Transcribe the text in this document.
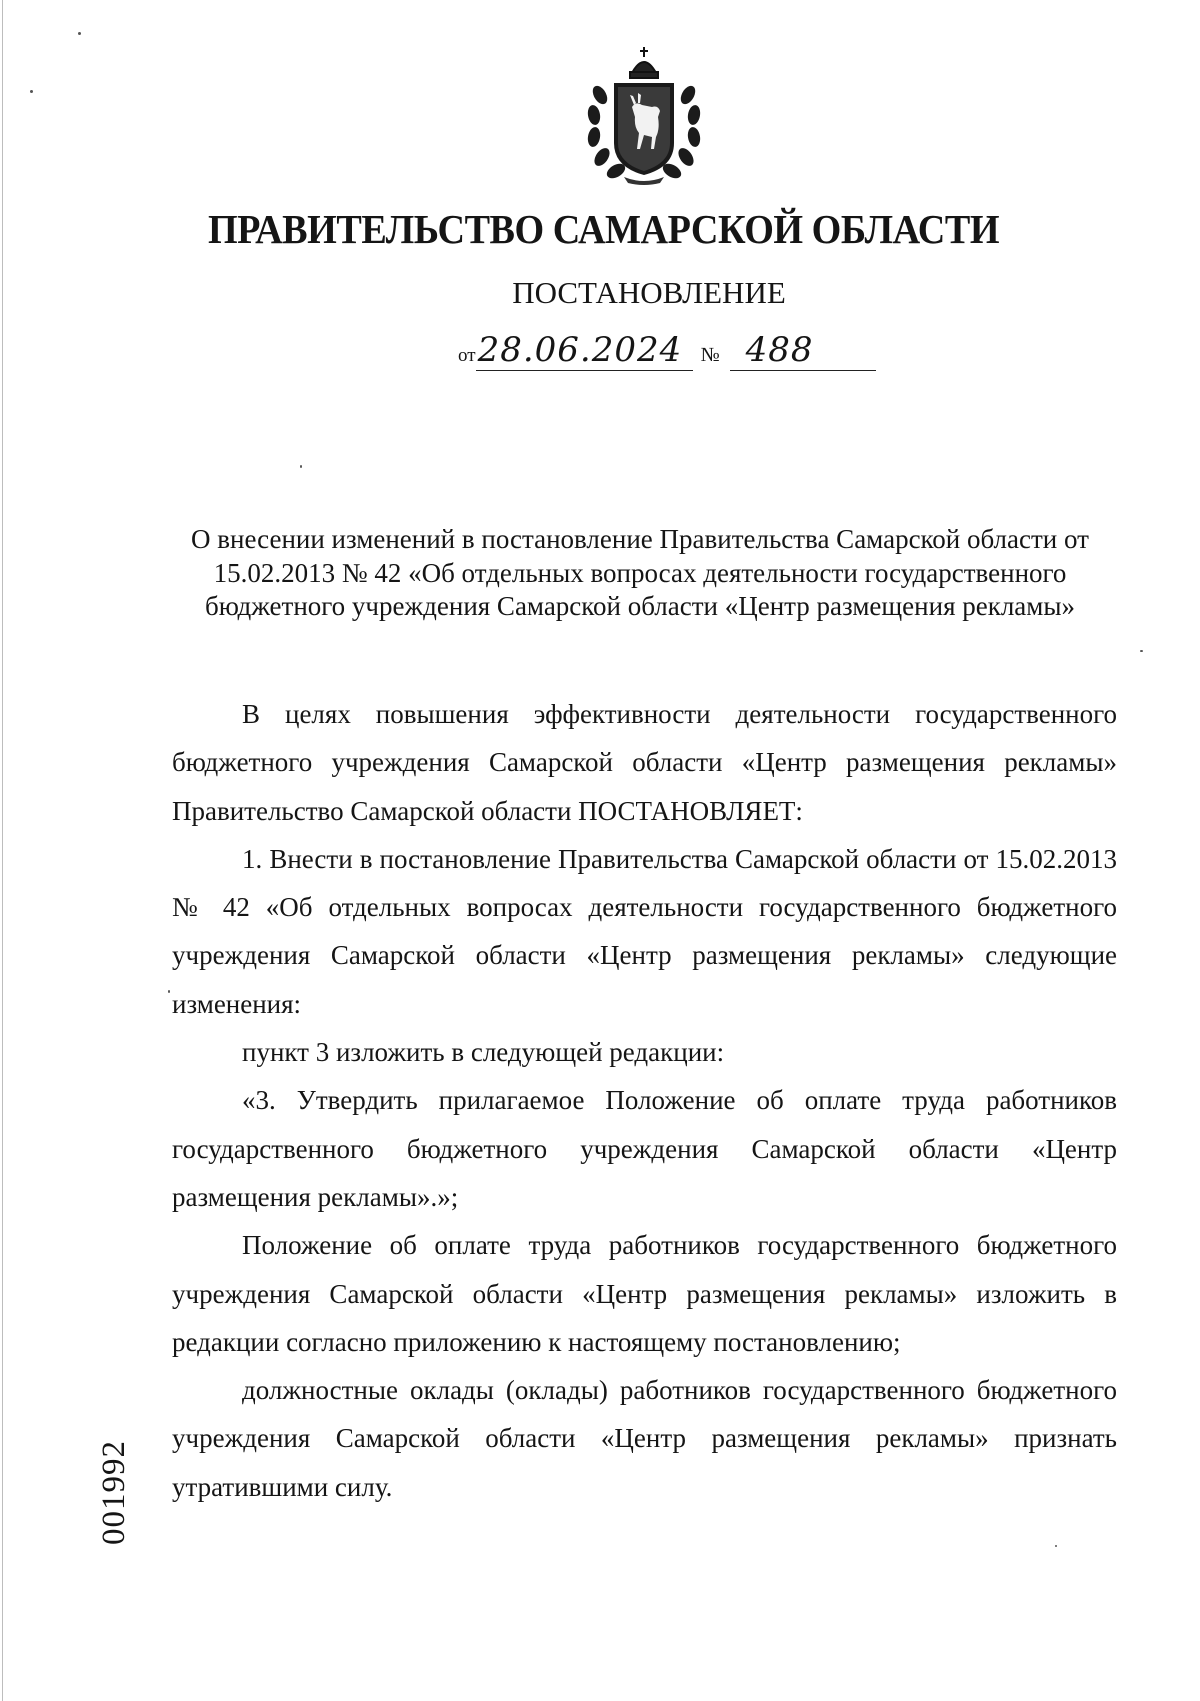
ПРАВИТЕЛЬСТВО САМАРСКОЙ ОБЛАСТИ
ПОСТАНОВЛЕНИЕ
от28.06.2024 № 488
О внесении изменений в постановление Правительства Самарской области от 15.02.2013 № 42 «Об отдельных вопросах деятельности государственного бюджетного учреждения Самарской области «Центр размещения рекламы»

В целях повышения эффективности деятельности государственного бюджетного учреждения Самарской области «Центр размещения рекламы» Правительство Самарской области ПОСТАНОВЛЯЕТ:

1. Внести в постановление Правительства Самарской области от 15.02.2013 № 42 «Об отдельных вопросах деятельности государственного бюджетного учреждения Самарской области «Центр размещения рекламы» следующие изменения:

пункт 3 изложить в следующей редакции:

«3. Утвердить прилагаемое Положение об оплате труда работников государственного бюджетного учреждения Самарской области «Центр размещения рекламы».»;

Положение об оплате труда работников государственного бюджетного учреждения Самарской области «Центр размещения рекламы» изложить в редакции согласно приложению к настоящему постановлению;

должностные оклады (оклады) работников государственного бюджетного учреждения Самарской области «Центр размещения рекламы» признать утратившими силу.

001992
